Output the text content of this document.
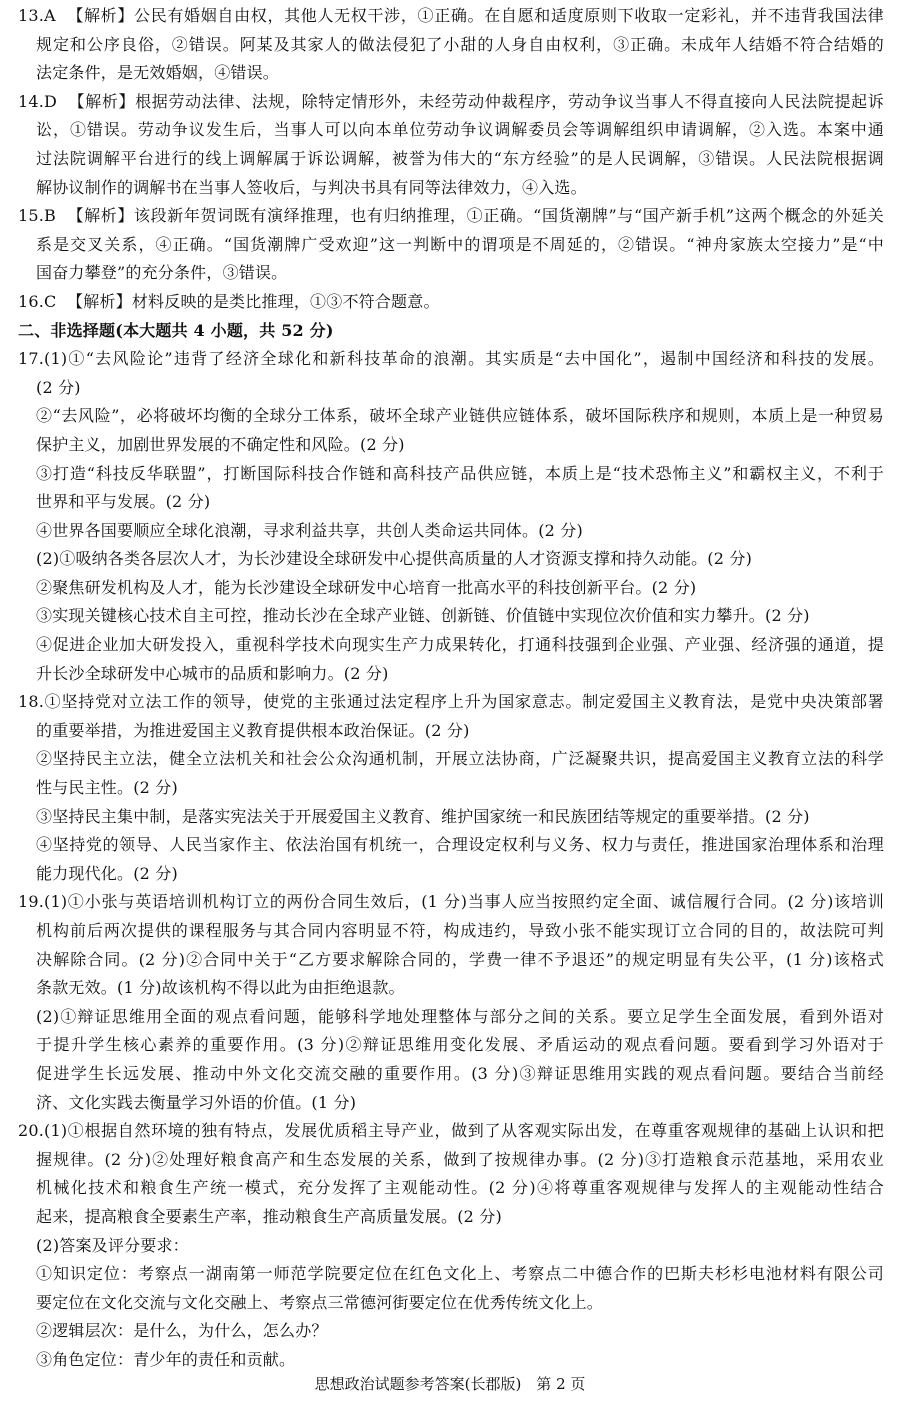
13.A  【解析】公民有婚姻自由权，其他人无权干涉，①正确。在自愿和适度原则下收取一定彩礼，并不违背我国法律
规定和公序良俗，②错误。阿某及其家人的做法侵犯了小甜的人身自由权利，③正确。未成年人结婚不符合结婚的
法定条件，是无效婚姻，④错误。
14.D  【解析】根据劳动法律、法规，除特定情形外，未经劳动仲裁程序，劳动争议当事人不得直接向人民法院提起诉
讼，①错误。劳动争议发生后，当事人可以向本单位劳动争议调解委员会等调解组织申请调解，②入选。本案中通
过法院调解平台进行的线上调解属于诉讼调解，被誉为伟大的“东方经验”的是人民调解，③错误。人民法院根据调
解协议制作的调解书在当事人签收后，与判决书具有同等法律效力，④入选。
15.B  【解析】该段新年贺词既有演绎推理，也有归纳推理，①正确。“国货潮牌”与“国产新手机”这两个概念的外延关
系是交叉关系，④正确。“国货潮牌广受欢迎”这一判断中的谓项是不周延的，②错误。“神舟家族太空接力”是“中
国奋力攀登”的充分条件，③错误。
16.C  【解析】材料反映的是类比推理，①③不符合题意。
二、非选择题(本大题共 4 小题，共 52 分)
17.(1)①“去风险论”违背了经济全球化和新科技革命的浪潮。其实质是“去中国化”，遏制中国经济和科技的发展。
(2 分)
②“去风险”，必将破坏均衡的全球分工体系，破坏全球产业链供应链体系，破坏国际秩序和规则，本质上是一种贸易
保护主义，加剧世界发展的不确定性和风险。(2 分)
③打造“科技反华联盟”，打断国际科技合作链和高科技产品供应链，本质上是“技术恐怖主义”和霸权主义，不利于
世界和平与发展。(2 分)
④世界各国要顺应全球化浪潮，寻求利益共享，共创人类命运共同体。(2 分)
(2)①吸纳各类各层次人才，为长沙建设全球研发中心提供高质量的人才资源支撑和持久动能。(2 分)
②聚焦研发机构及人才，能为长沙建设全球研发中心培育一批高水平的科技创新平台。(2 分)
③实现关键核心技术自主可控，推动长沙在全球产业链、创新链、价值链中实现位次价值和实力攀升。(2 分)
④促进企业加大研发投入，重视科学技术向现实生产力成果转化，打通科技强到企业强、产业强、经济强的通道，提
升长沙全球研发中心城市的品质和影响力。(2 分)
18.①坚持党对立法工作的领导，使党的主张通过法定程序上升为国家意志。制定爱国主义教育法，是党中央决策部署
的重要举措，为推进爱国主义教育提供根本政治保证。(2 分)
②坚持民主立法，健全立法机关和社会公众沟通机制，开展立法协商，广泛凝聚共识，提高爱国主义教育立法的科学
性与民主性。(2 分)
③坚持民主集中制，是落实宪法关于开展爱国主义教育、维护国家统一和民族团结等规定的重要举措。(2 分)
④坚持党的领导、人民当家作主、依法治国有机统一，合理设定权利与义务、权力与责任，推进国家治理体系和治理
能力现代化。(2 分)
19.(1)①小张与英语培训机构订立的两份合同生效后，(1 分)当事人应当按照约定全面、诚信履行合同。(2 分)该培训
机构前后两次提供的课程服务与其合同内容明显不符，构成违约，导致小张不能实现订立合同的目的，故法院可判
决解除合同。(2 分)②合同中关于“乙方要求解除合同的，学费一律不予退还”的规定明显有失公平，(1 分)该格式
条款无效。(1 分)故该机构不得以此为由拒绝退款。
(2)①辩证思维用全面的观点看问题，能够科学地处理整体与部分之间的关系。要立足学生全面发展，看到外语对
于提升学生核心素养的重要作用。(3 分)②辩证思维用变化发展、矛盾运动的观点看问题。要看到学习外语对于
促进学生长远发展、推动中外文化交流交融的重要作用。(3 分)③辩证思维用实践的观点看问题。要结合当前经
济、文化实践去衡量学习外语的价值。(1 分)
20.(1)①根据自然环境的独有特点，发展优质稻主导产业，做到了从客观实际出发，在尊重客观规律的基础上认识和把
握规律。(2 分)②处理好粮食高产和生态发展的关系，做到了按规律办事。(2 分)③打造粮食示范基地，采用农业
机械化技术和粮食生产统一模式，充分发挥了主观能动性。(2 分)④将尊重客观规律与发挥人的主观能动性结合
起来，提高粮食全要素生产率，推动粮食生产高质量发展。(2 分)
(2)答案及评分要求：
①知识定位：考察点一湖南第一师范学院要定位在红色文化上、考察点二中德合作的巴斯夫杉杉电池材料有限公司
要定位在文化交流与文化交融上、考察点三常德河街要定位在优秀传统文化上。
②逻辑层次：是什么，为什么，怎么办？
③角色定位：青少年的责任和贡献。
思想政治试题参考答案(长郡版)　第 2 页
